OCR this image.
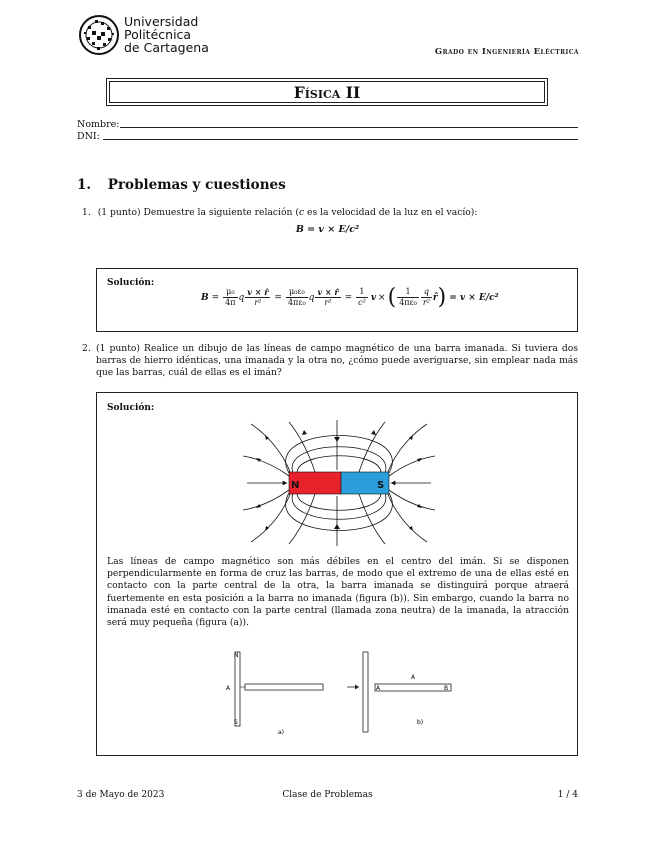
Universidad
Politécnica
de Cartagena	Grado en Ingeniería Eléctrica
Física II
Nombre:
DNI:
1. Problemas y cuestiones
1. (1 punto) Demuestre la siguiente relación (c es la velocidad de la luz en el vacío):
B = v × E/c²
Solución:
$B = \frac{\text{μ₀}}{4\pi}$ q $\frac{v \times r̂}{\text{r²}} = \frac{\text{μ₀ε₀}}{\text{4πε₀}}$ q $\frac{v \times r̂}{\text{r²}} = \frac{1}{\text{c²}}$ v × ( $\frac{1}{\text{4πε₀}} \frac{q}{\text{r²}}$ r̂ ) = v × E/c²
2. (1 punto) Realice un dibujo de las líneas de campo magnético de una barra imanada. Si tuviera dos barras de hierro idénticas, una imanada y la otra no, ¿cómo puede averiguarse, sin emplear nada más que las barras, cuál de ellas es el imán?
Solución:
N	S
Las líneas de campo magnético son más débiles en el centro del imán. Si se disponen perpendicularmente en forma de cruz las barras, de modo que el extremo de una de ellas esté en contacto con la parte central de la otra, la barra imanada se distinguirá porque atraerá fuertemente en esta posición a la barra no imanada (figura (b)). Sin embargo, cuando la barra no imanada esté en contacto con la parte central (llamada zona neutra) de la imanada, la atracción será muy pequeña (figura (a)).
N
S
A
a)
A
A	B
b)
3 de Mayo de 2023	Clase de Problemas	1 / 4
